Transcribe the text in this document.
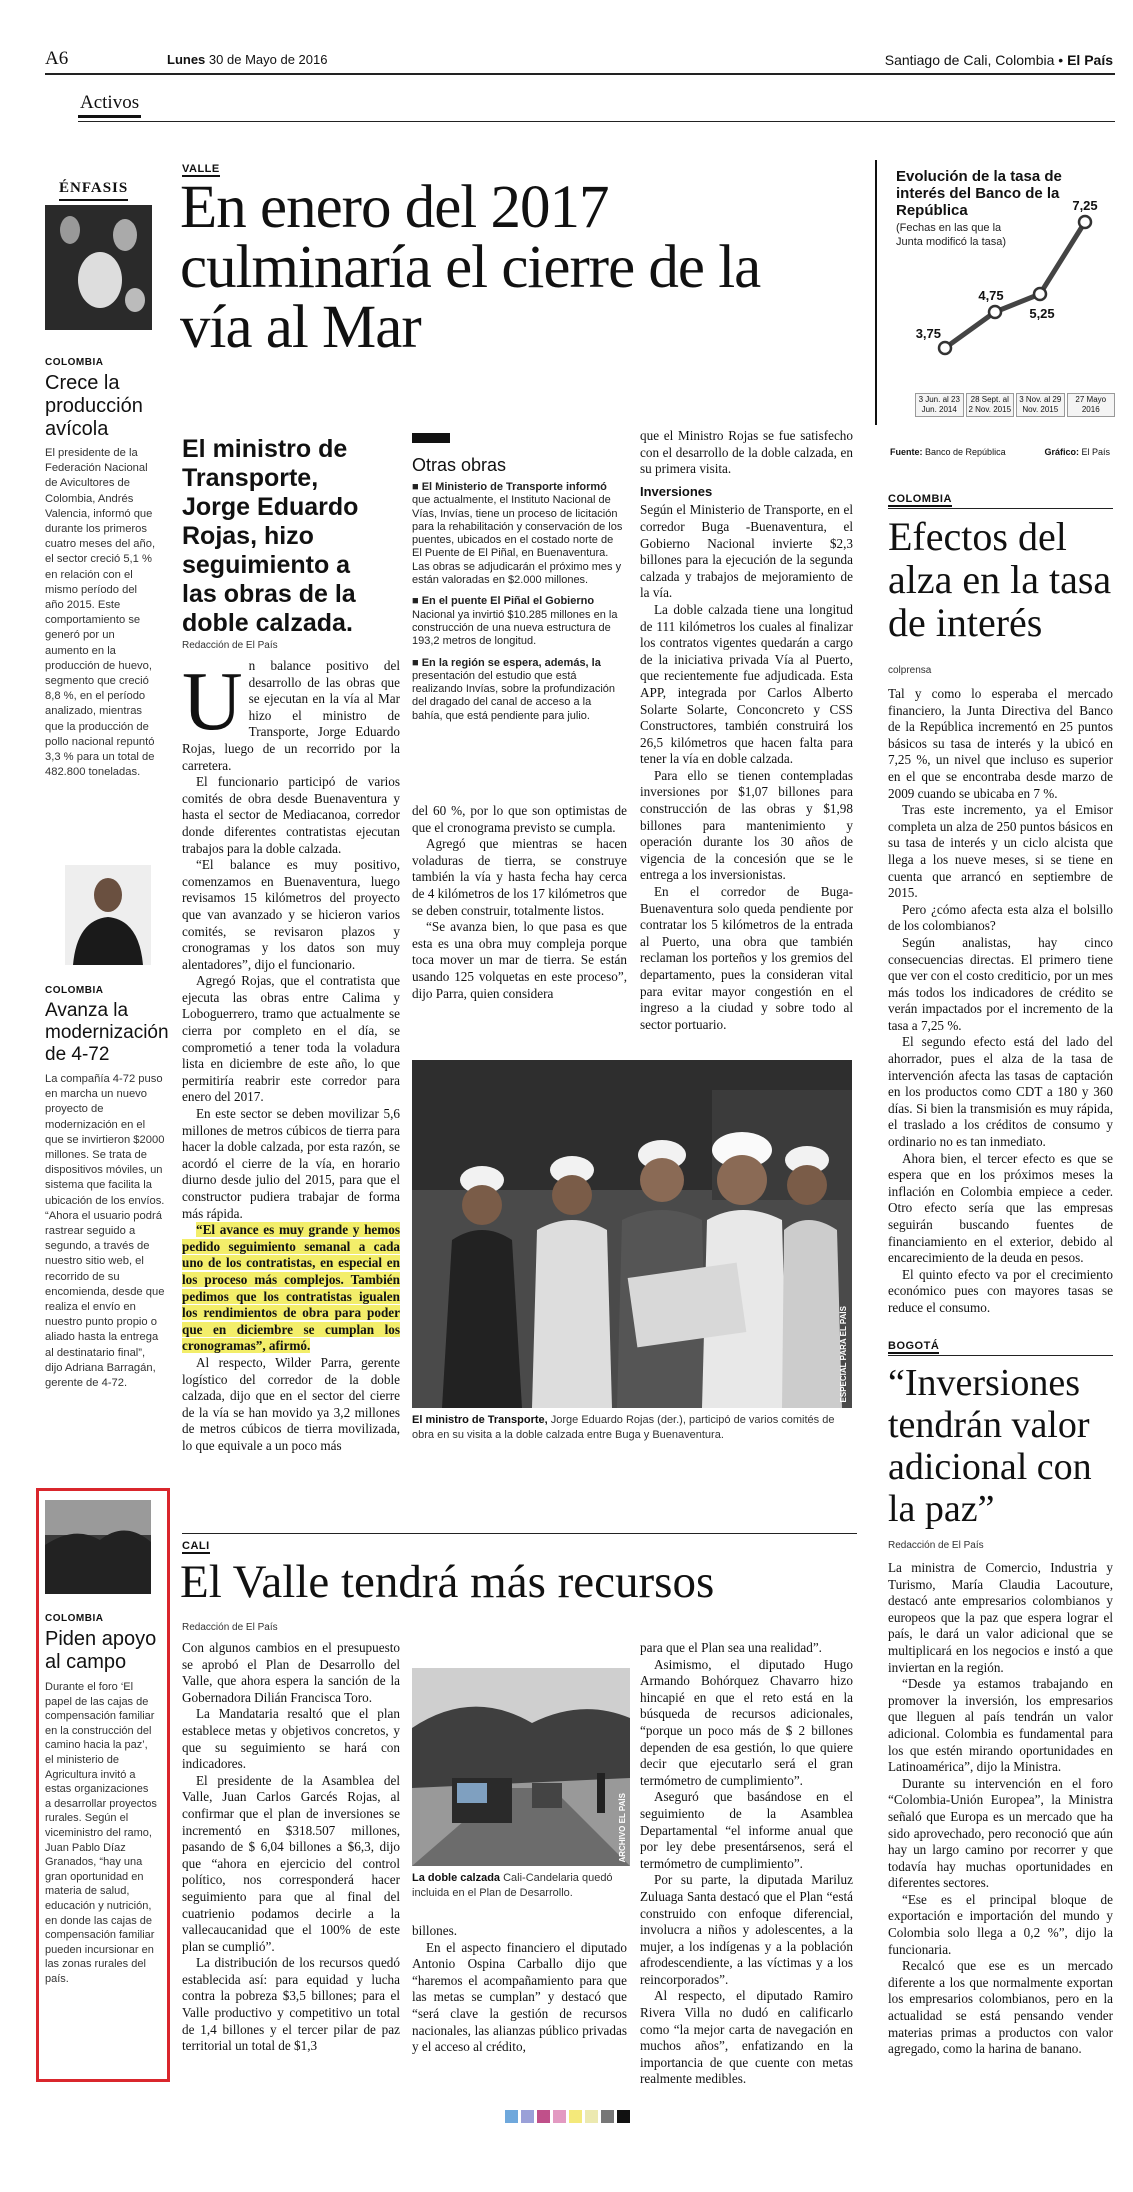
A6	Lunes 30 de Mayo de 2016	Santiago de Cali, Colombia • El País
Activos
ÉNFASIS
COLOMBIA
Crece la producción avícola
El presidente de la Federación Nacional de Avicultores de Colombia, Andrés Valencia, informó que durante los primeros cuatro meses del año, el sector creció 5,1 % en relación con el mismo período del año 2015. Este comportamiento se generó por un aumento en la producción de huevo, segmento que creció 8,8 %, en el período analizado, mientras que la producción de pollo nacional repuntó 3,3 % para un total de 482.800 toneladas.
COLOMBIA
Avanza la modernización de 4-72
La compañía 4-72 puso en marcha un nuevo proyecto de modernización en el que se invirtieron $2000 millones. Se trata de dispositivos móviles, un sistema que facilita la ubicación de los envíos. “Ahora el usuario podrá rastrear seguido a segundo, a través de nuestro sitio web, el recorrido de su encomienda, desde que realiza el envío en nuestro punto propio o aliado hasta la entrega al destinatario final”, dijo Adriana Barragán, gerente de 4-72.
COLOMBIA
Piden apoyo al campo
Durante el foro ‘El papel de las cajas de compensación familiar en la construcción del camino hacia la paz’, el ministerio de Agricultura invitó a estas organizaciones a desarrollar proyectos rurales. Según el viceministro del ramo, Juan Pablo Díaz Granados, “hay una gran oportunidad en materia de salud, educación y nutrición, en donde las cajas de compensación familiar pueden incursionar en las zonas rurales del país.
VALLE
En enero del 2017 culminaría el cierre de la vía al Mar
El ministro de Transporte, Jorge Eduardo Rojas, hizo seguimiento a las obras de la doble calzada.
Redacción de El País
U n balance positivo del desarrollo de las obras que se ejecutan en la vía al Mar hizo el ministro de Transporte, Jorge Eduardo Rojas, luego de un recorrido por la carretera.

El funcionario participó de varios comités de obra desde Buenaventura y hasta el sector de Mediacanoa, corredor donde diferentes contratistas ejecutan trabajos para la doble calzada.

“El balance es muy positivo, comenzamos en Buenaventura, luego revisamos 15 kilómetros del proyecto que van avanzado y se hicieron varios comités, se revisaron plazos y cronogramas y los datos son muy alentadores”, dijo el funcionario.

Agregó Rojas, que el contratista que ejecuta las obras entre Calima y Loboguerrero, tramo que actualmente se cierra por completo en el día, se comprometió a tener toda la voladura lista en diciembre de este año, lo que permitiría reabrir este corredor para enero del 2017.

En este sector se deben movilizar 5,6 millones de metros cúbicos de tierra para hacer la doble calzada, por esta razón, se acordó el cierre de la vía, en horario diurno desde julio del 2015, para que el constructor pudiera trabajar de forma más rápida.

“El avance es muy grande y hemos pedido seguimiento semanal a cada uno de los contratistas, en especial en los proceso más complejos. También pedimos que los contratistas igualen los rendimientos de obra para poder que en diciembre se cumplan los cronogramas”, afirmó.

Al respecto, Wilder Parra, gerente logístico del corredor de la doble calzada, dijo que en el sector del cierre de la vía se han movido ya 3,2 millones de metros cúbicos de tierra movilizada, lo que equivale a un poco más

Otras obras
■ El Ministerio de Transporte informó que actualmente, el Instituto Nacional de Vías, Invías, tiene un proceso de licitación para la rehabilitación y conservación de los puentes, ubicados en el costado norte de El Puente de El Piñal, en Buenaventura. Las obras se adjudicarán el próximo mes y están valoradas en $2.000 millones.
■ En el puente El Piñal el Gobierno Nacional ya invirtió $10.285 millones en la construcción de una nueva estructura de 193,2 metros de longitud.
■ En la región se espera, además, la presentación del estudio que está realizando Invías, sobre la profundización del dragado del canal de acceso a la bahía, que está pendiente para julio.

del 60 %, por lo que son optimistas de que el cronograma previsto se cumpla.

Agregó que mientras se hacen voladuras de tierra, se construye también la vía y hasta fecha hay cerca de 4 kilómetros de los 17 kilómetros que se deben construir, totalmente listos.

“Se avanza bien, lo que pasa es que esta es una obra muy compleja porque toca mover un mar de tierra. Se están usando 125 volquetas en este proceso”, dijo Parra, quien considera

que el Ministro Rojas se fue satisfecho con el desarrollo de la doble calzada, en su primera visita.

Inversiones

Según el Ministerio de Transporte, en el corredor Buga -Buenaventura, el Gobierno Nacional invierte $2,3 billones para la ejecución de la segunda calzada y trabajos de mejoramiento de la vía.

La doble calzada tiene una longitud de 111 kilómetros los cuales al finalizar los contratos vigentes quedarán a cargo de la iniciativa privada Vía al Puerto, que recientemente fue adjudicada. Esta APP, integrada por Carlos Alberto Solarte Solarte, Conconcreto y CSS Constructores, también construirá los 26,5 kilómetros que hacen falta para tener la vía en doble calzada.

Para ello se tienen contempladas inversiones por $1,07 billones para construcción de las obras y $1,98 billones para mantenimiento y operación durante los 30 años de vigencia de la concesión que se le entrega a los inversionistas.

En el corredor de Buga- Buenaventura solo queda pendiente por contratar los 5 kilómetros de la entrada al Puerto, una obra que también reclaman los porteños y los gremios del departamento, pues la consideran vital para evitar mayor congestión en el ingreso a la ciudad y sobre todo al sector portuario.

ESPECIAL PARA EL PAÍS
El ministro de Transporte, Jorge Eduardo Rojas (der.), participó de varios comités de obra en su visita a la doble calzada entre Buga y Buenaventura.
Evolución de la tasa de interés del Banco de la República
(Fechas en las que la Junta modificó la tasa)
3,75
4,75
5,25
7,25
Fuente: Banco de República	Gráfico: El País
COLOMBIA
Efectos del alza en la tasa de interés
colprensa

Tal y como lo esperaba el mercado financiero, la Junta Directiva del Banco de la República incrementó en 25 puntos básicos su tasa de interés y la ubicó en 7,25 %, un nivel que incluso es superior en el que se encontraba desde marzo de 2009 cuando se ubicaba en 7 %.

Tras este incremento, ya el Emisor completa un alza de 250 puntos básicos en su tasa de interés y un ciclo alcista que llega a los nueve meses, si se tiene en cuenta que arrancó en septiembre de 2015.

Pero ¿cómo afecta esta alza el bolsillo de los colombianos?

Según analistas, hay cinco consecuencias directas. El primero tiene que ver con el costo crediticio, por un mes más todos los indicadores de crédito se verán impactados por el incremento de la tasa a 7,25 %.

El segundo efecto está del lado del ahorrador, pues el alza de la tasa de intervención afecta las tasas de captación en los productos como CDT a 180 y 360 días. Si bien la transmisión es muy rápida, el traslado a los créditos de consumo y ordinario no es tan inmediato.

Ahora bien, el tercer efecto es que se espera que en los próximos meses la inflación en Colombia empiece a ceder. Otro efecto sería que las empresas seguirán buscando fuentes de financiamiento en el exterior, debido al encarecimiento de la deuda en pesos.

El quinto efecto va por el crecimiento económico pues con mayores tasas se reduce el consumo.

BOGOTÁ
“Inversiones tendrán valor adicional con la paz”
Redacción de El País

La ministra de Comercio, Industria y Turismo, María Claudia Lacouture, destacó ante empresarios colombianos y europeos que la paz que espera lograr el país, le dará un valor adicional que se multiplicará en los negocios e instó a que inviertan en la región.

“Desde ya estamos trabajando en promover la inversión, los empresarios que lleguen al país tendrán un valor adicional. Colombia es fundamental para los que estén mirando oportunidades en Latinoamérica”, dijo la Ministra.

Durante su intervención en el foro “Colombia-Unión Europea”, la Ministra señaló que Europa es un mercado que ha sido aprovechado, pero reconoció que aún hay un largo camino por recorrer y que todavía hay muchas oportunidades en diferentes sectores.

“Ese es el principal bloque de exportación e importación del mundo y Colombia solo llega a 0,2 %”, dijo la funcionaria.

Recalcó que ese es un mercado diferente a los que normalmente exportan los empresarios colombianos, pero en la actualidad se está pensando vender materias primas a productos con valor agregado, como la harina de banano.

CALI
El Valle tendrá más recursos
Redacción de El País

Con algunos cambios en el presupuesto se aprobó el Plan de Desarrollo del Valle, que ahora espera la sanción de la Gobernadora Dilián Francisca Toro.

La Mandataria resaltó que el plan establece metas y objetivos concretos, y que su seguimiento se hará con indicadores.

El presidente de la Asamblea del Valle, Juan Carlos Garcés Rojas, al confirmar que el plan de inversiones se incrementó en $318.507 millones, pasando de $ 6,04 billones a $6,3, dijo que “ahora en ejercicio del control político, nos corresponderá hacer seguimiento para que al final del cuatrienio podamos decirle a la vallecaucanidad que el 100% de este plan se cumplió”.

La distribución de los recursos quedó establecida así: para equidad y lucha contra la pobreza $3,5 billones; para el Valle productivo y competitivo un total de 1,4 billones y el tercer pilar de paz territorial un total de $1,3

ARCHIVO EL PAÍS
La doble calzada Cali-Candelaria quedó incluida en el Plan de Desarrollo.

billones.

En el aspecto financiero el diputado Antonio Ospina Carballo dijo que “haremos el acompañamiento para que las metas se cumplan” y destacó que “será clave la gestión de recursos nacionales, las alianzas público privadas y el acceso al crédito,

para que el Plan sea una realidad”.

Asimismo, el diputado Hugo Armando Bohórquez Chavarro hizo hincapié en que el reto está en la búsqueda de recursos adicionales, “porque un poco más de $ 2 billones dependen de esa gestión, lo que quiere decir que ejecutarlo será el gran termómetro de cumplimiento”.

Aseguró que basándose en el seguimiento de la Asamblea Departamental “el informe anual que por ley debe presentársenos, será el termómetro de cumplimiento”.

Por su parte, la diputada Mariluz Zuluaga Santa destacó que el Plan “está construido con enfoque diferencial, involucra a niños y adolescentes, a la mujer, a los indígenas y a la población afrodescendiente, a las víctimas y a los reincorporados”.

Al respecto, el diputado Ramiro Rivera Villa no dudó en calificarlo como “la mejor carta de navegación en muchos años”, enfatizando en la importancia de que cuente con metas realmente medibles.

3 Jun. al 23 Jun. 2014
28 Sept. al 2 Nov. 2015
3 Nov. al 29 Nov. 2015
27 Mayo 2016
